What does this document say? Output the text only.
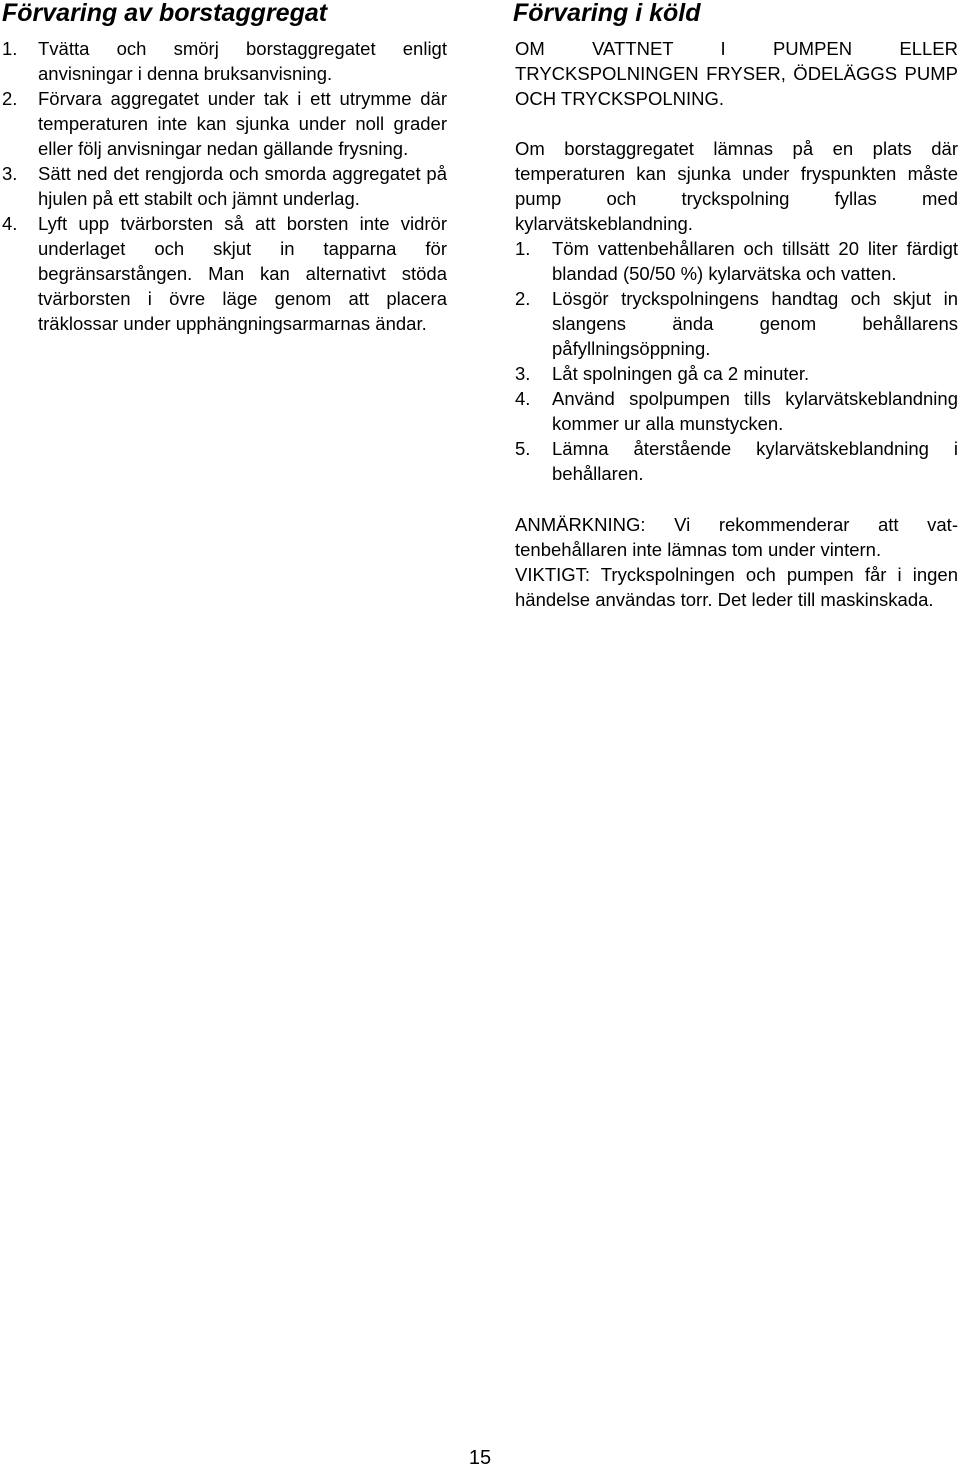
Förvaring av borstaggregat
1. Tvätta och smörj borstaggregatet enligt anvisningar i denna bruksanvisning.
2. Förvara aggregatet under tak i ett utrymme där temperaturen inte kan sjunka under noll grader eller följ anvisningar nedan gällande frysning.
3. Sätt ned det rengjorda och smorda aggregatet på hjulen på ett stabilt och jämnt underlag.
4. Lyft upp tvärborsten så att borsten inte vidrör underlaget och skjut in tapparna för begränsarstången. Man kan alternativt stöda tvärborsten i övre läge genom att placera träklossar under upphängningsarmarnas ändar.
Förvaring i köld

OM VATTNET I PUMPEN ELLER TRYCKSPOLNINGEN FRYSER, ÖDELÄGGS PUMP OCH TRYCKSPOLNING.

Om borstaggregatet lämnas på en plats där temperaturen kan sjunka under fryspunkten måste pump och tryckspolning fyllas med kylarvätskeblandning.

1. Töm vattenbehållaren och tillsätt 20 liter färdigt blandad (50/50 %) kylarvätska och vatten.
2. Lösgör tryckspolningens handtag och skjut in slangens ända genom behållarens påfyllningsöppning.
3. Låt spolningen gå ca 2 minuter.
4. Använd spolpumpen tills kylarvätskeblandning kommer ur alla munstycken.
5. Lämna återstående kylarvätskeblandning i behållaren.

ANMÄRKNING: Vi rekommenderar att vattenbehållaren inte lämnas tom under vintern.

VIKTIGT: Tryckspolningen och pumpen får i ingen händelse användas torr. Det leder till maskinskada.

15
